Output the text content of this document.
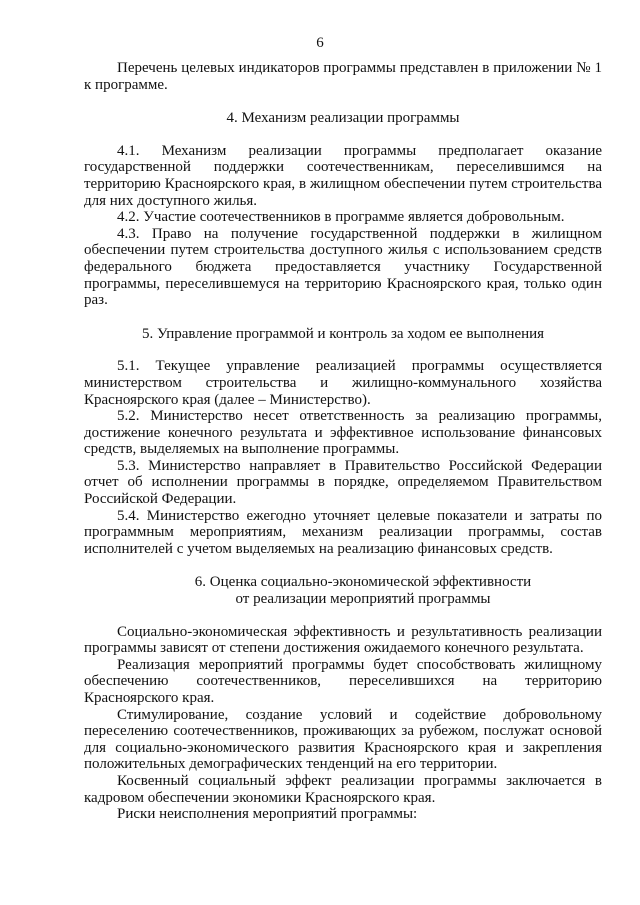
6

Перечень целевых индикаторов программы представлен в приложении № 1 к программе.

4. Механизм реализации программы

4.1. Механизм реализации программы предполагает оказание государственной поддержки соотечественникам, переселившимся на территорию Красноярского края, в жилищном обеспечении путем строительства для них доступного жилья.

4.2. Участие соотечественников в программе является добровольным.

4.3. Право на получение государственной поддержки в жилищном обеспечении путем строительства доступного жилья с использованием средств федерального бюджета предоставляется участнику Государственной программы, переселившемуся на территорию Красноярского края, только один раз.

5. Управление программой и контроль за ходом ее выполнения

5.1. Текущее управление реализацией программы осуществляется министерством строительства и жилищно-коммунального хозяйства Красноярского края (далее – Министерство).

5.2. Министерство несет ответственность за реализацию программы, достижение конечного результата и эффективное использование финансовых средств, выделяемых на выполнение программы.

5.3. Министерство направляет в Правительство Российской Федерации отчет об исполнении программы в порядке, определяемом Правительством Российской Федерации.

5.4. Министерство ежегодно уточняет целевые показатели и затраты по программным мероприятиям, механизм реализации программы, состав исполнителей с учетом выделяемых на реализацию финансовых средств.

6. Оценка социально-экономической эффективности
от реализации мероприятий программы

Социально-экономическая эффективность и результативность реализации программы зависят от степени достижения ожидаемого конечного результата.

Реализация мероприятий программы будет способствовать жилищному обеспечению соотечественников, переселившихся на территорию Красноярского края.

Стимулирование, создание условий и содействие добровольному переселению соотечественников, проживающих за рубежом, послужат основой для социально-экономического развития Красноярского края и закрепления положительных демографических тенденций на его территории.

Косвенный социальный эффект реализации программы заключается в кадровом обеспечении экономики Красноярского края.

Риски неисполнения мероприятий программы:
